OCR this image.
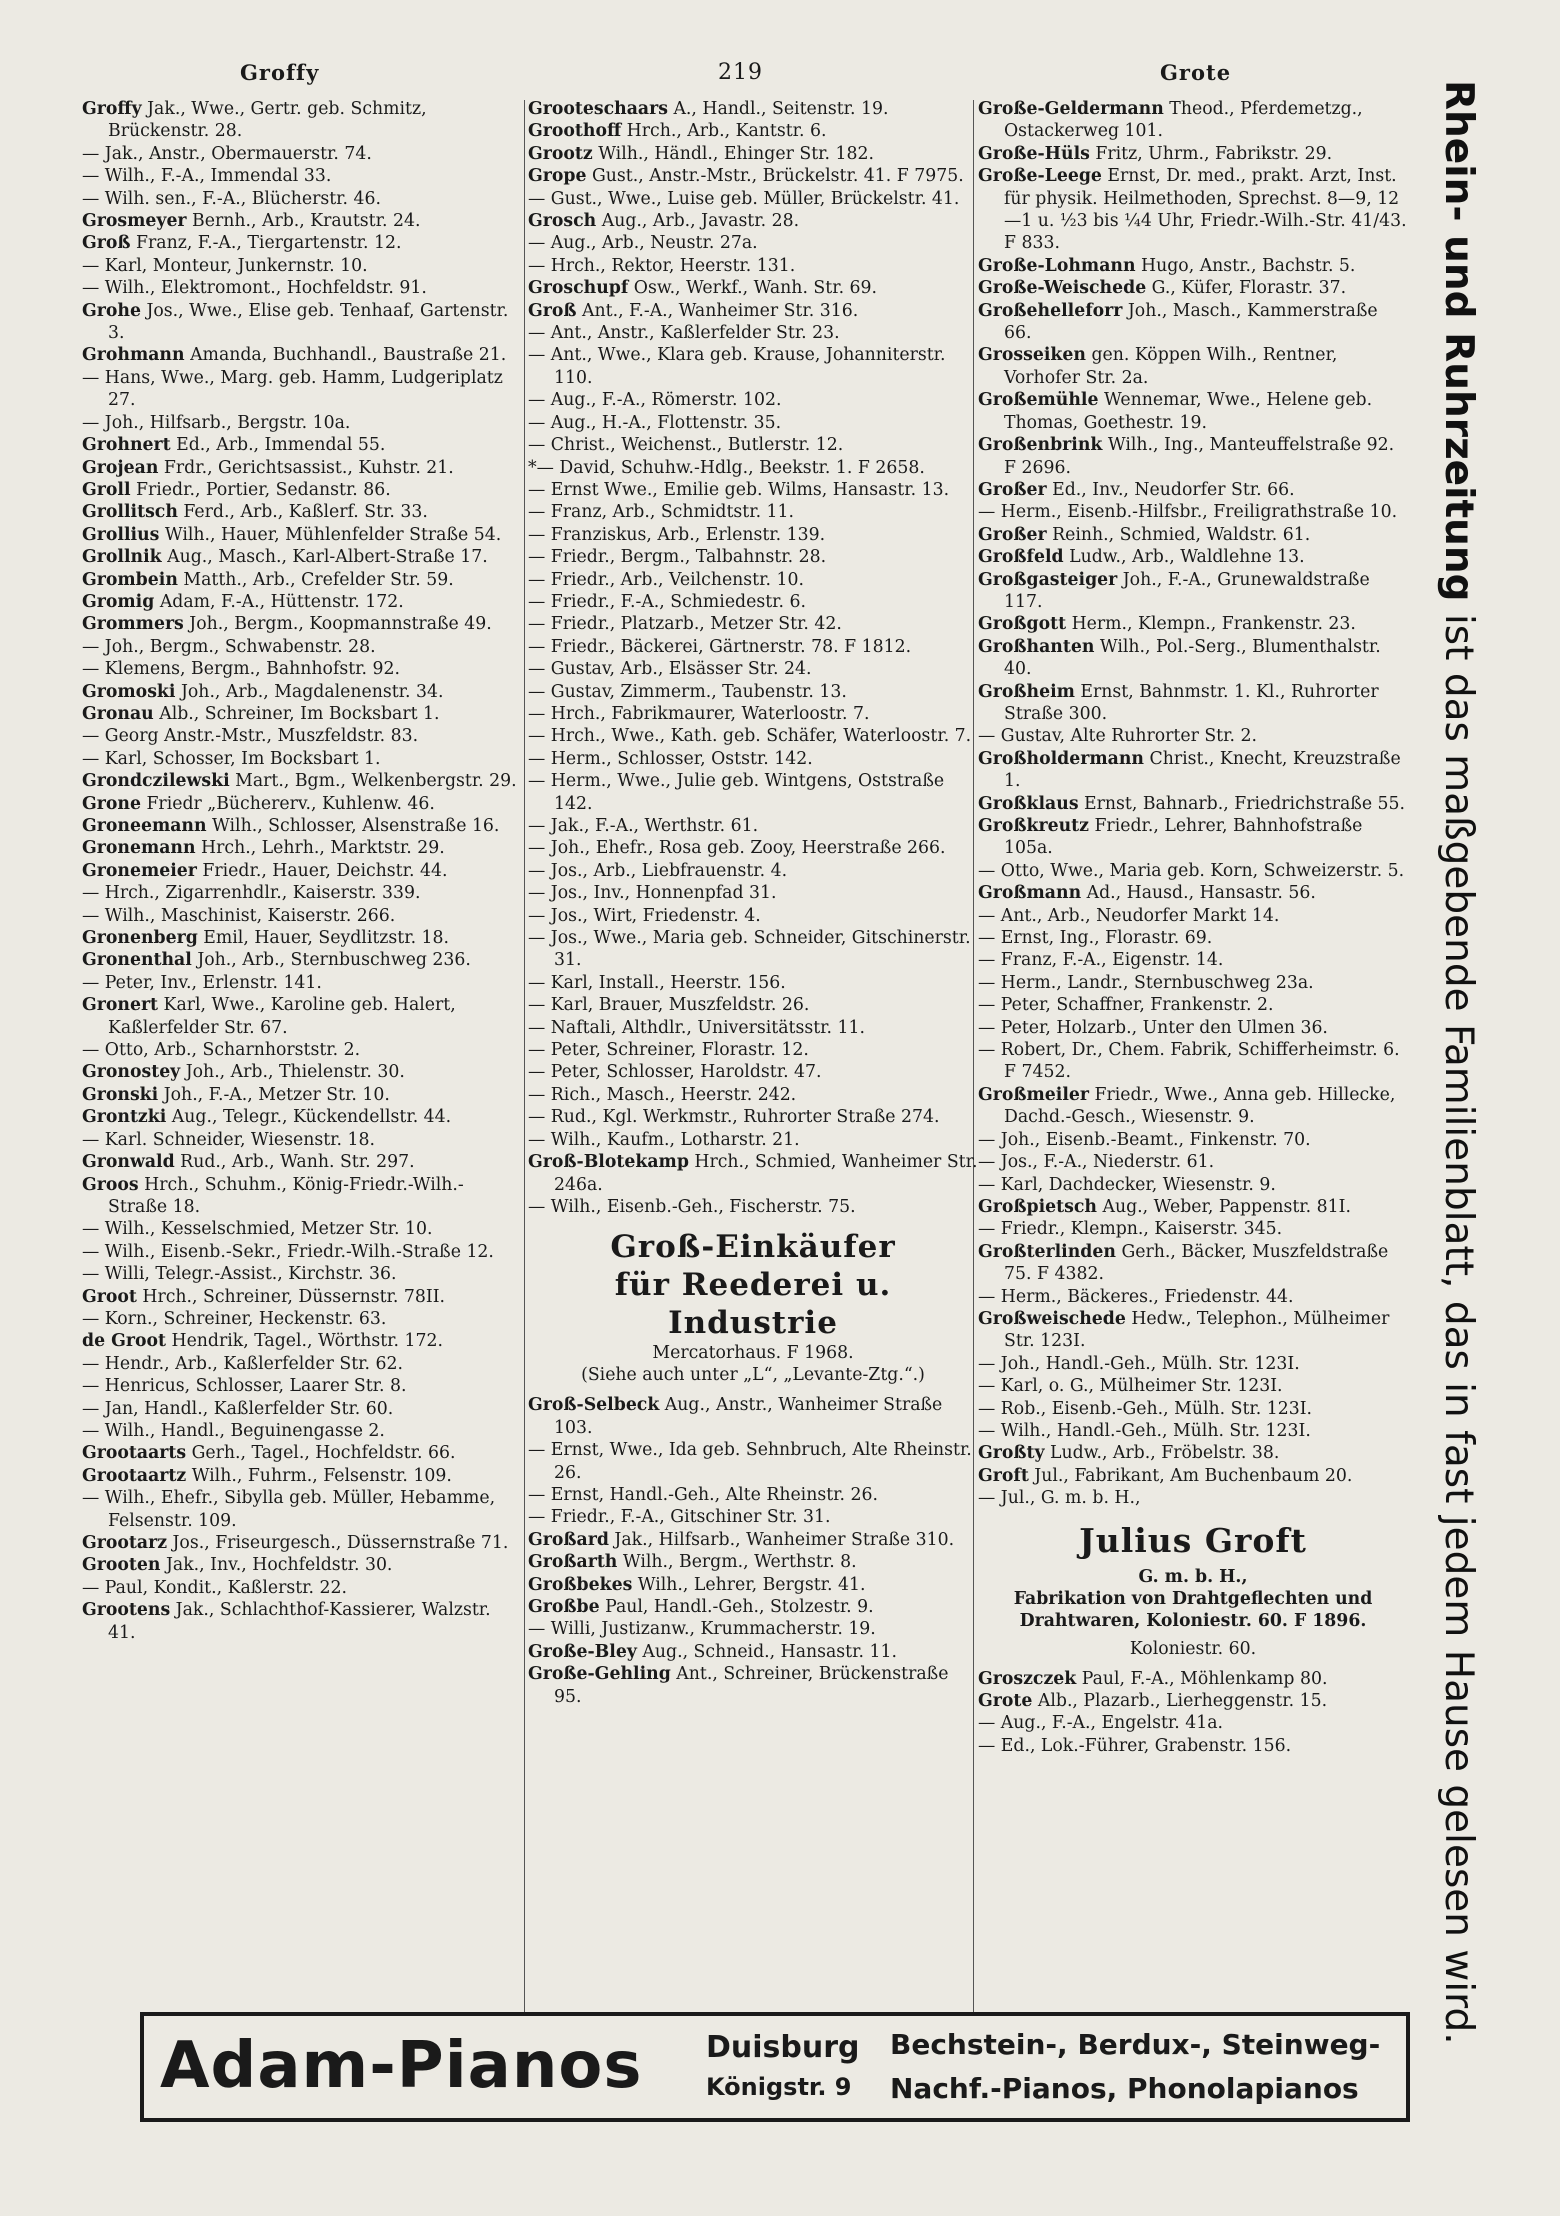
Groffy	219	Grote

Groffy Jak., Wwe., Gertr. geb. Schmitz, Brückenstr. 28.

— Jak., Anstr., Obermauerstr. 74.

— Wilh., F.-A., Immendal 33.

— Wilh. sen., F.-A., Blücherstr. 46.

Grosmeyer Bernh., Arb., Krautstr. 24.

Groß Franz, F.-A., Tiergartenstr. 12.

— Karl, Monteur, Junkernstr. 10.

— Wilh., Elektromont., Hochfeldstr. 91.

Grohe Jos., Wwe., Elise geb. Tenhaaf, Gartenstr. 3.

Grohmann Amanda, Buchhandl., Baustraße 21.

— Hans, Wwe., Marg. geb. Hamm, Ludgeriplatz 27.

— Joh., Hilfsarb., Bergstr. 10a.

Grohnert Ed., Arb., Immendal 55.

Grojean Frdr., Gerichtsassist., Kuhstr. 21.

Groll Friedr., Portier, Sedanstr. 86.

Grollitsch Ferd., Arb., Kaßlerf. Str. 33.

Grollius Wilh., Hauer, Mühlenfelder Straße 54.

Grollnik Aug., Masch., Karl-Albert-Straße 17.

Grombein Matth., Arb., Crefelder Str. 59.

Gromig Adam, F.-A., Hüttenstr. 172.

Grommers Joh., Bergm., Koopmannstraße 49.

— Joh., Bergm., Schwabenstr. 28.

— Klemens, Bergm., Bahnhofstr. 92.

Gromoski Joh., Arb., Magdalenenstr. 34.

Gronau Alb., Schreiner, Im Bocksbart 1.

— Georg Anstr.-Mstr., Muszfeldstr. 83.

— Karl, Schosser, Im Bocksbart 1.

Grondczilewski Mart., Bgm., Welkenbergstr. 29.

Grone Friedr „Büchererv., Kuhlenw. 46.

Groneemann Wilh., Schlosser, Alsenstraße 16.

Gronemann Hrch., Lehrh., Marktstr. 29.

Gronemeier Friedr., Hauer, Deichstr. 44.

— Hrch., Zigarrenhdlr., Kaiserstr. 339.

— Wilh., Maschinist, Kaiserstr. 266.

Gronenberg Emil, Hauer, Seydlitzstr. 18.

Gronenthal Joh., Arb., Sternbuschweg 236.

— Peter, Inv., Erlenstr. 141.

Gronert Karl, Wwe., Karoline geb. Halert, Kaßlerfelder Str. 67.

— Otto, Arb., Scharnhorststr. 2.

Gronostey Joh., Arb., Thielenstr. 30.

Gronski Joh., F.-A., Metzer Str. 10.

Grontzki Aug., Telegr., Kückendellstr. 44.

— Karl. Schneider, Wiesenstr. 18.

Gronwald Rud., Arb., Wanh. Str. 297.

Groos Hrch., Schuhm., König-Friedr.-Wilh.-Straße 18.

— Wilh., Kesselschmied, Metzer Str. 10.

— Wilh., Eisenb.-Sekr., Friedr.-Wilh.-Straße 12.

— Willi, Telegr.-Assist., Kirchstr. 36.

Groot Hrch., Schreiner, Düssernstr. 78II.

— Korn., Schreiner, Heckenstr. 63.

de Groot Hendrik, Tagel., Wörthstr. 172.

— Hendr., Arb., Kaßlerfelder Str. 62.

— Henricus, Schlosser, Laarer Str. 8.

— Jan, Handl., Kaßlerfelder Str. 60.

— Wilh., Handl., Beguinengasse 2.

Grootaarts Gerh., Tagel., Hochfeldstr. 66.

Grootaartz Wilh., Fuhrm., Felsenstr. 109.

— Wilh., Ehefr., Sibylla geb. Müller, Hebamme, Felsenstr. 109.

Grootarz Jos., Friseurgesch., Düssernstraße 71.

Grooten Jak., Inv., Hochfeldstr. 30.

— Paul, Kondit., Kaßlerstr. 22.

Grootens Jak., Schlachthof-Kassierer, Walzstr. 41.

Grooteschaars A., Handl., Seitenstr. 19.

Groothoff Hrch., Arb., Kantstr. 6.

Grootz Wilh., Händl., Ehinger Str. 182.

Grope Gust., Anstr.-Mstr., Brückelstr. 41. F 7975.

— Gust., Wwe., Luise geb. Müller, Brückelstr. 41.

Grosch Aug., Arb., Javastr. 28.

— Aug., Arb., Neustr. 27a.

— Hrch., Rektor, Heerstr. 131.

Groschupf Osw., Werkf., Wanh. Str. 69.

Groß Ant., F.-A., Wanheimer Str. 316.

— Ant., Anstr., Kaßlerfelder Str. 23.

— Ant., Wwe., Klara geb. Krause, Johanniterstr. 110.

— Aug., F.-A., Römerstr. 102.

— Aug., H.-A., Flottenstr. 35.

— Christ., Weichenst., Butlerstr. 12.

*— David, Schuhw.-Hdlg., Beekstr. 1. F 2658.

— Ernst Wwe., Emilie geb. Wilms, Hansastr. 13.

— Franz, Arb., Schmidtstr. 11.

— Franziskus, Arb., Erlenstr. 139.

— Friedr., Bergm., Talbahnstr. 28.

— Friedr., Arb., Veilchenstr. 10.

— Friedr., F.-A., Schmiedestr. 6.

— Friedr., Platzarb., Metzer Str. 42.

— Friedr., Bäckerei, Gärtnerstr. 78. F 1812.

— Gustav, Arb., Elsässer Str. 24.

— Gustav, Zimmerm., Taubenstr. 13.

— Hrch., Fabrikmaurer, Waterloostr. 7.

— Hrch., Wwe., Kath. geb. Schäfer, Waterloostr. 7.

— Herm., Schlosser, Oststr. 142.

— Herm., Wwe., Julie geb. Wintgens, Oststraße 142.

— Jak., F.-A., Werthstr. 61.

— Joh., Ehefr., Rosa geb. Zooy, Heerstraße 266.

— Jos., Arb., Liebfrauenstr. 4.

— Jos., Inv., Honnenpfad 31.

— Jos., Wirt, Friedenstr. 4.

— Jos., Wwe., Maria geb. Schneider, Gitschinerstr. 31.

— Karl, Install., Heerstr. 156.

— Karl, Brauer, Muszfeldstr. 26.

— Naftali, Althdlr., Universitätsstr. 11.

— Peter, Schreiner, Florastr. 12.

— Peter, Schlosser, Haroldstr. 47.

— Rich., Masch., Heerstr. 242.

— Rud., Kgl. Werkmstr., Ruhrorter Straße 274.

— Wilh., Kaufm., Lotharstr. 21.

Groß-Blotekamp Hrch., Schmied, Wanheimer Str. 246a.

— Wilh., Eisenb.-Geh., Fischerstr. 75.

Groß-Einkäufer

für Reederei u. Industrie

Mercatorhaus. F 1968.

(Siehe auch unter „L“, „Levante-Ztg.“.)

Groß-Selbeck Aug., Anstr., Wanheimer Straße 103.

— Ernst, Wwe., Ida geb. Sehnbruch, Alte Rheinstr. 26.

— Ernst, Handl.-Geh., Alte Rheinstr. 26.

— Friedr., F.-A., Gitschiner Str. 31.

Großard Jak., Hilfsarb., Wanheimer Straße 310.

Großarth Wilh., Bergm., Werthstr. 8.

Großbekes Wilh., Lehrer, Bergstr. 41.

Großbe Paul, Handl.-Geh., Stolzestr. 9.

— Willi, Justizanw., Krummacherstr. 19.

Große-Bley Aug., Schneid., Hansastr. 11.

Große-Gehling Ant., Schreiner, Brückenstraße 95.

Große-Geldermann Theod., Pferdemetzg., Ostackerweg 101.

Große-Hüls Fritz, Uhrm., Fabrikstr. 29.

Große-Leege Ernst, Dr. med., prakt. Arzt, Inst. für physik. Heilmethoden, Sprechst. 8—9, 12—1 u. ½3 bis ¼4 Uhr, Friedr.-Wilh.-Str. 41/43. F 833.

Große-Lohmann Hugo, Anstr., Bachstr. 5.

Große-Weischede G., Küfer, Florastr. 37.

Großehelleforr Joh., Masch., Kammerstraße 66.

Grosseiken gen. Köppen Wilh., Rentner, Vorhofer Str. 2a.

Großemühle Wennemar, Wwe., Helene geb. Thomas, Goethestr. 19.

Großenbrink Wilh., Ing., Manteuffelstraße 92. F 2696.

Großer Ed., Inv., Neudorfer Str. 66.

— Herm., Eisenb.-Hilfsbr., Freiligrathstraße 10.

Großer Reinh., Schmied, Waldstr. 61.

Großfeld Ludw., Arb., Waldlehne 13.

Großgasteiger Joh., F.-A., Grunewaldstraße 117.

Großgott Herm., Klempn., Frankenstr. 23.

Großhanten Wilh., Pol.-Serg., Blumenthalstr. 40.

Großheim Ernst, Bahnmstr. 1. Kl., Ruhrorter Straße 300.

— Gustav, Alte Ruhrorter Str. 2.

Großholdermann Christ., Knecht, Kreuzstraße 1.

Großklaus Ernst, Bahnarb., Friedrichstraße 55.

Großkreutz Friedr., Lehrer, Bahnhofstraße 105a.

— Otto, Wwe., Maria geb. Korn, Schweizerstr. 5.

Großmann Ad., Hausd., Hansastr. 56.

— Ant., Arb., Neudorfer Markt 14.

— Ernst, Ing., Florastr. 69.

— Franz, F.-A., Eigenstr. 14.

— Herm., Landr., Sternbuschweg 23a.

— Peter, Schaffner, Frankenstr. 2.

— Peter, Holzarb., Unter den Ulmen 36.

— Robert, Dr., Chem. Fabrik, Schifferheimstr. 6. F 7452.

Großmeiler Friedr., Wwe., Anna geb. Hillecke, Dachd.-Gesch., Wiesenstr. 9.

— Joh., Eisenb.-Beamt., Finkenstr. 70.

— Jos., F.-A., Niederstr. 61.

— Karl, Dachdecker, Wiesenstr. 9.

Großpietsch Aug., Weber, Pappenstr. 81I.

— Friedr., Klempn., Kaiserstr. 345.

Großterlinden Gerh., Bäcker, Muszfeldstraße 75. F 4382.

— Herm., Bäckeres., Friedenstr. 44.

Großweischede Hedw., Telephon., Mülheimer Str. 123I.

— Joh., Handl.-Geh., Mülh. Str. 123I.

— Karl, o. G., Mülheimer Str. 123I.

— Rob., Eisenb.-Geh., Mülh. Str. 123I.

— Wilh., Handl.-Geh., Mülh. Str. 123I.

Großty Ludw., Arb., Fröbelstr. 38.

Groft Jul., Fabrikant, Am Buchenbaum 20.

— Jul., G. m. b. H.,

Julius Groft

G. m. b. H.,

Fabrikation von Drahtgeflechten und Drahtwaren, Koloniestr. 60. F 1896.

Koloniestr. 60.

Groszczek Paul, F.-A., Möhlenkamp 80.

Grote Alb., Plazarb., Lierheggenstr. 15.

— Aug., F.-A., Engelstr. 41a.

— Ed., Lok.-Führer, Grabenstr. 156.

Rhein- und Ruhrzeitung ist das maßgebende Familienblatt, das in fast jedem Hause gelesen wird.
Adam-Pianos Duisburg
Königstr. 9
Bechstein-, Berdux-, Steinweg-
Nachf.-Pianos, Phonolapianos
